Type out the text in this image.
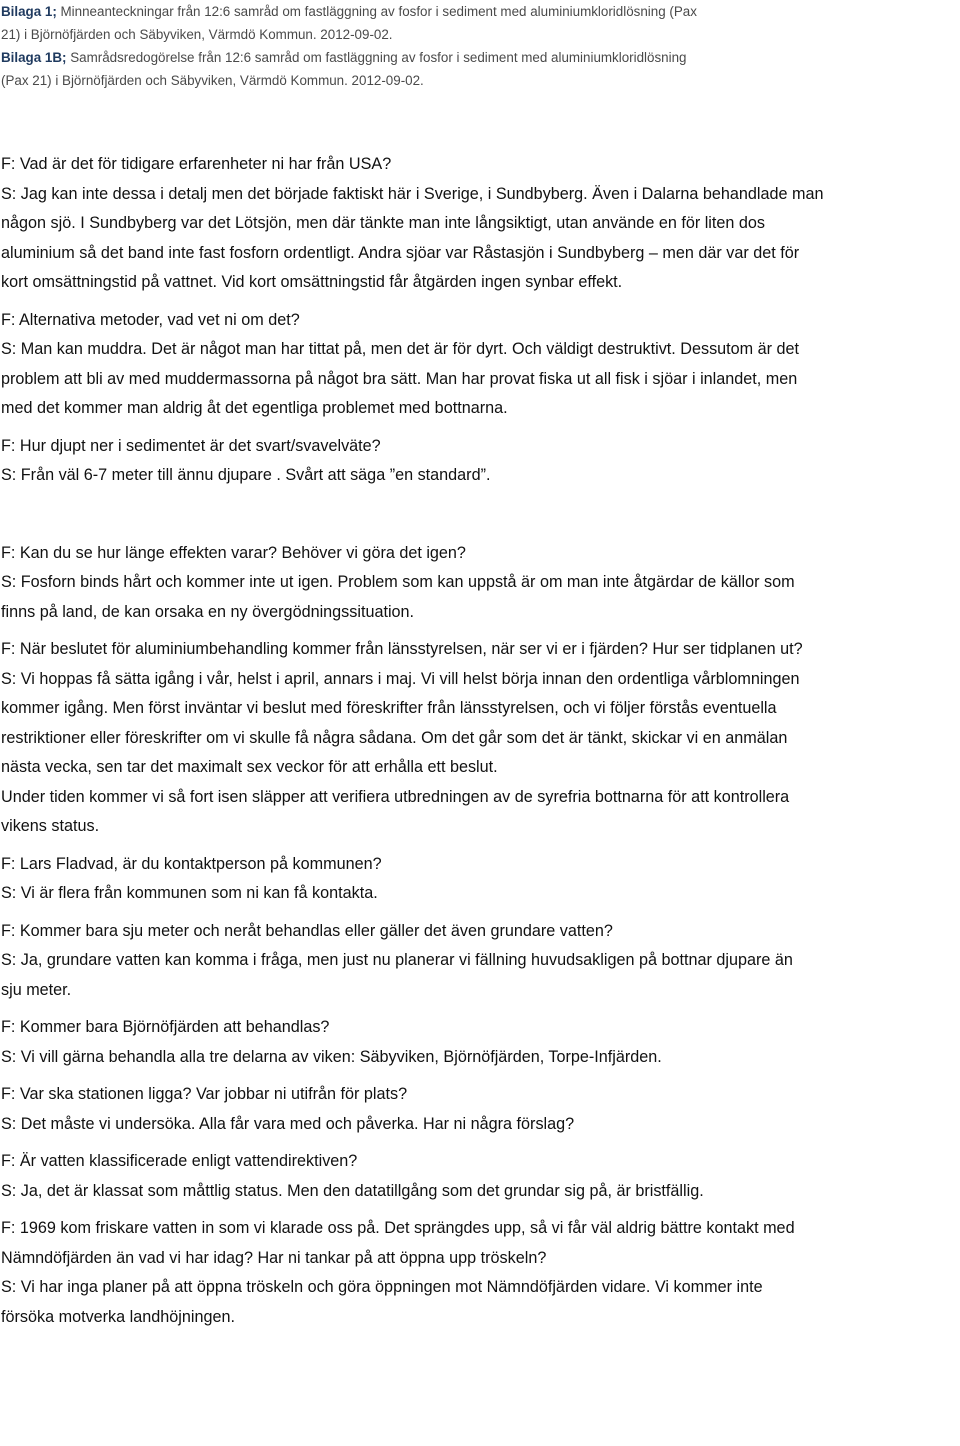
Bilaga 1; Minneanteckningar från 12:6 samråd om fastläggning av fosfor i sediment med aluminiumkloridlösning (Pax
21) i Björnöfjärden och Säbyviken, Värmdö Kommun. 2012-09-02.
Bilaga 1B; Samrådsredogörelse från 12:6 samråd om fastläggning av fosfor i sediment med aluminiumkloridlösning
(Pax 21) i Björnöfjärden och Säbyviken, Värmdö Kommun. 2012-09-02.
F: Vad är det för tidigare erfarenheter ni har från USA?
S: Jag kan inte dessa i detalj men det började faktiskt här i Sverige, i Sundbyberg. Även i Dalarna behandlade man
någon sjö. I Sundbyberg var det Lötsjön, men där tänkte man inte långsiktigt, utan använde en för liten dos
aluminium så det band inte fast fosforn ordentligt. Andra sjöar var Råstasjön i Sundbyberg – men där var det för
kort omsättningstid på vattnet. Vid kort omsättningstid får åtgärden ingen synbar effekt.
F: Alternativa metoder, vad vet ni om det?
S: Man kan muddra. Det är något man har tittat på, men det är för dyrt. Och väldigt destruktivt. Dessutom är det
problem att bli av med muddermassorna på något bra sätt. Man har provat fiska ut all fisk i sjöar i inlandet, men
med det kommer man aldrig åt det egentliga problemet med bottnarna.
F: Hur djupt ner i sedimentet är det svart/svavelväte?
S: Från väl 6-7 meter till ännu djupare . Svårt att säga ”en standard”.
F: Kan du se hur länge effekten varar? Behöver vi göra det igen?
S: Fosforn binds hårt och kommer inte ut igen. Problem som kan uppstå är om man inte åtgärdar de källor som
finns på land, de kan orsaka en ny övergödningssituation.
F: När beslutet för aluminiumbehandling kommer från länsstyrelsen, när ser vi er i fjärden? Hur ser tidplanen ut?
S: Vi hoppas få sätta igång i vår, helst i april, annars i maj. Vi vill helst börja innan den ordentliga vårblomningen
kommer igång. Men först inväntar vi beslut med föreskrifter från länsstyrelsen, och vi följer förstås eventuella
restriktioner eller föreskrifter om vi skulle få några sådana. Om det går som det är tänkt, skickar vi en anmälan
nästa vecka, sen tar det maximalt sex veckor för att erhålla ett beslut.
Under tiden kommer vi så fort isen släpper att verifiera utbredningen av de syrefria bottnarna för att kontrollera
vikens status.
F: Lars Fladvad, är du kontaktperson på kommunen?
S: Vi är flera från kommunen som ni kan få kontakta.
F: Kommer bara sju meter och neråt behandlas eller gäller det även grundare vatten?
S: Ja, grundare vatten kan komma i fråga, men just nu planerar vi fällning huvudsakligen på bottnar djupare än
sju meter.
F: Kommer bara Björnöfjärden att behandlas?
S: Vi vill gärna behandla alla tre delarna av viken: Säbyviken, Björnöfjärden, Torpe-Infjärden.
F: Var ska stationen ligga? Var jobbar ni utifrån för plats?
S: Det måste vi undersöka. Alla får vara med och påverka. Har ni några förslag?
F: Är vatten klassificerade enligt vattendirektiven?
S: Ja, det är klassat som måttlig status. Men den datatillgång som det grundar sig på, är bristfällig.
F: 1969 kom friskare vatten in som vi klarade oss på. Det sprängdes upp, så vi får väl aldrig bättre kontakt med
Nämndöfjärden än vad vi har idag? Har ni tankar på att öppna upp tröskeln?
S: Vi har inga planer på att öppna tröskeln och göra öppningen mot Nämndöfjärden vidare. Vi kommer inte
försöka motverka landhöjningen.
